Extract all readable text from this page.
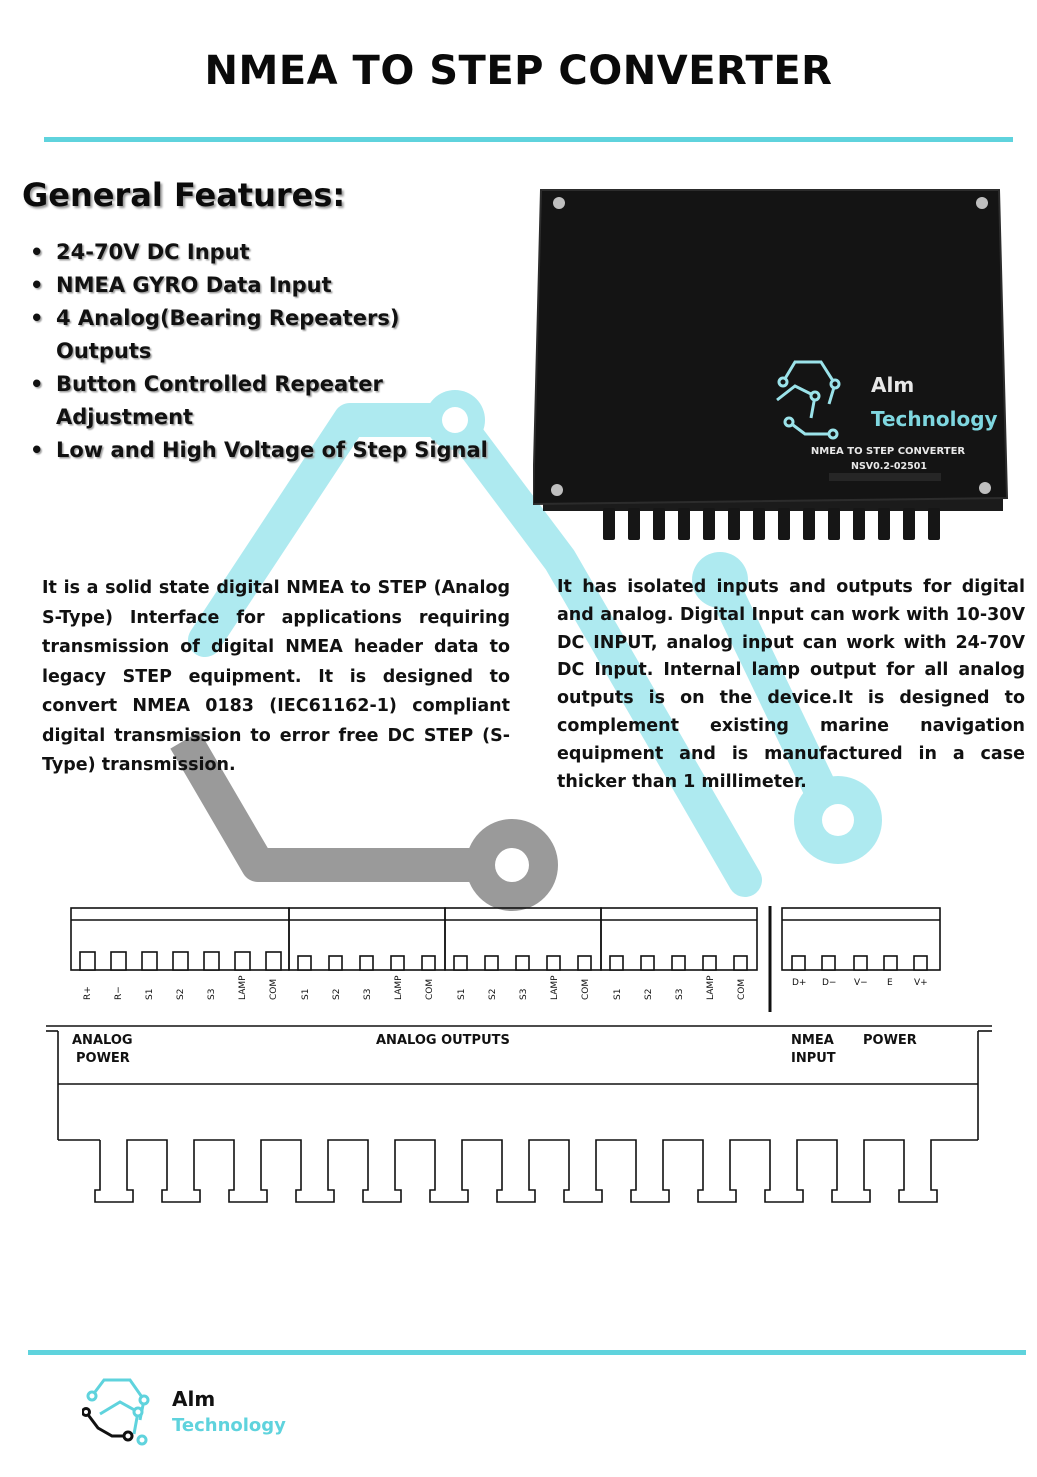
NMEA TO STEP CONVERTER
General Features:
• 24-70V DC Input
• NMEA GYRO Data Input
• 4 Analog(Bearing Repeaters) Outputs
• Button Controlled Repeater Adjustment
• Low and High Voltage of Step Signal
Alm
Technology
NMEA TO STEP CONVERTER
NSV0.2-02501

It is a solid state digital NMEA to STEP (Analog S-Type) Interface for applications requiring transmission of digital NMEA header data to legacy STEP equipment. It is designed to convert NMEA 0183 (IEC61162-1) compliant digital transmission to error free DC STEP (S-Type) transmission.

It has isolated inputs and outputs for digital and analog. Digital Input can work with 10-30V DC INPUT, analog input can work with 24-70V DC Input. Internal lamp output for all analog outputs is on the device.It is designed to complement existing marine navigation equipment and is manufactured in a case thicker than 1 millimeter.

R+ R− S1 S2 S3 LAMP COM S1 S2 S3 LAMP COM S1 S2 S3 LAMP COM S1 S2 S3 LAMP COM	D+ D− V− E V+
ANALOG
POWER
ANALOG OUTPUTS	NMEA
INPUT
POWER
Alm
Technology
